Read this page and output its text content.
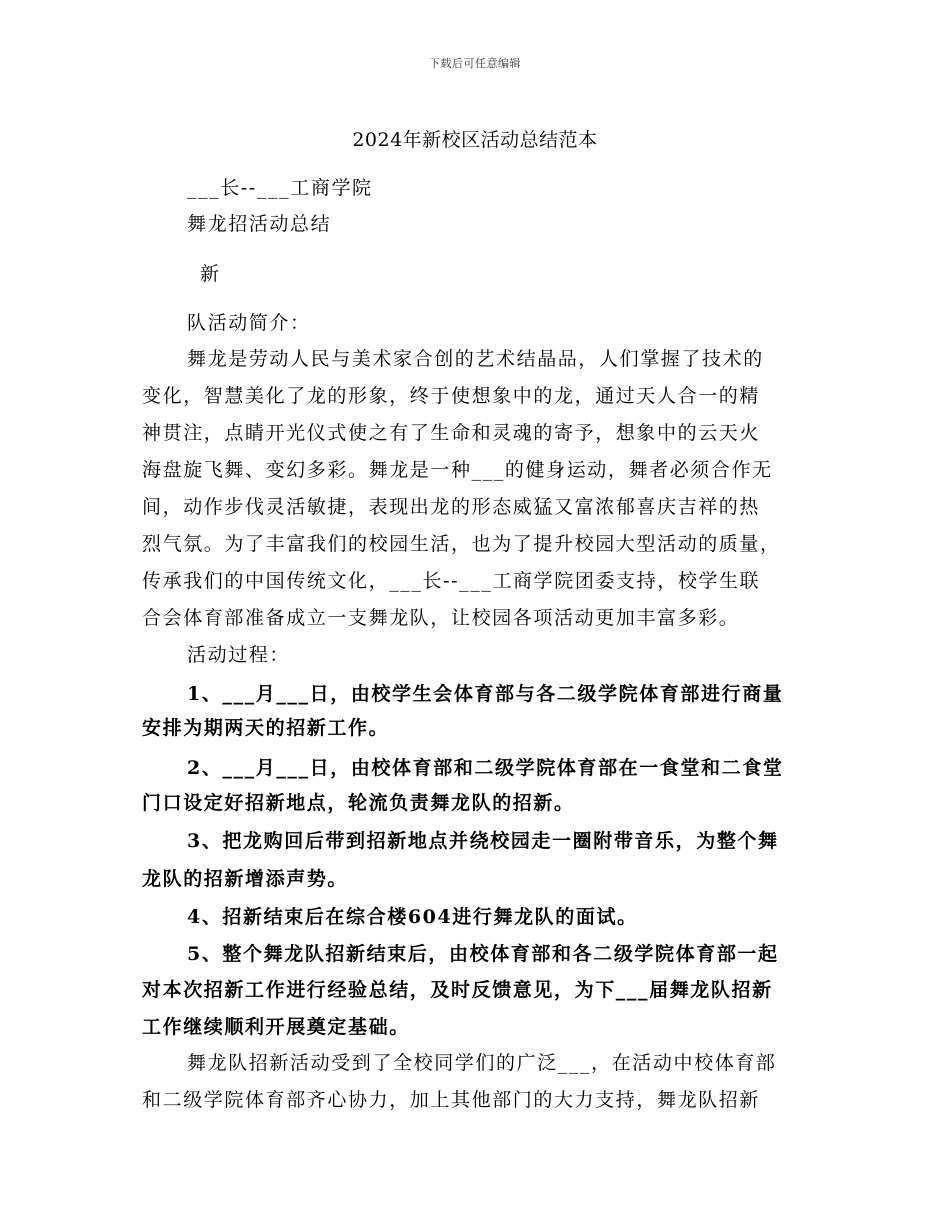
下载后可任意编辑
2024年新校区活动总结范本
___长--___工商学院
舞龙招活动总结
新
队活动简介：
舞龙是劳动人民与美术家合创的艺术结晶品，人们掌握了技术的
变化，智慧美化了龙的形象，终于使想象中的龙，通过天人合一的精
神贯注，点睛开光仪式使之有了生命和灵魂的寄予，想象中的云天火
海盘旋飞舞、变幻多彩。舞龙是一种___的健身运动，舞者必须合作无
间，动作步伐灵活敏捷，表现出龙的形态威猛又富浓郁喜庆吉祥的热
烈气氛。为了丰富我们的校园生活，也为了提升校园大型活动的质量，
传承我们的中国传统文化，___长--___工商学院团委支持，校学生联
合会体育部准备成立一支舞龙队，让校园各项活动更加丰富多彩。
活动过程：
1、___月___日，由校学生会体育部与各二级学院体育部进行商量
安排为期两天的招新工作。
2、___月___日，由校体育部和二级学院体育部在一食堂和二食堂
门口设定好招新地点，轮流负责舞龙队的招新。
3、把龙购回后带到招新地点并绕校园走一圈附带音乐，为整个舞
龙队的招新增添声势。
4、招新结束后在综合楼604进行舞龙队的面试。
5、整个舞龙队招新结束后，由校体育部和各二级学院体育部一起
对本次招新工作进行经验总结，及时反馈意见，为下___届舞龙队招新
工作继续顺利开展奠定基础。
舞龙队招新活动受到了全校同学们的广泛___，在活动中校体育部
和二级学院体育部齐心协力，加上其他部门的大力支持，舞龙队招新
